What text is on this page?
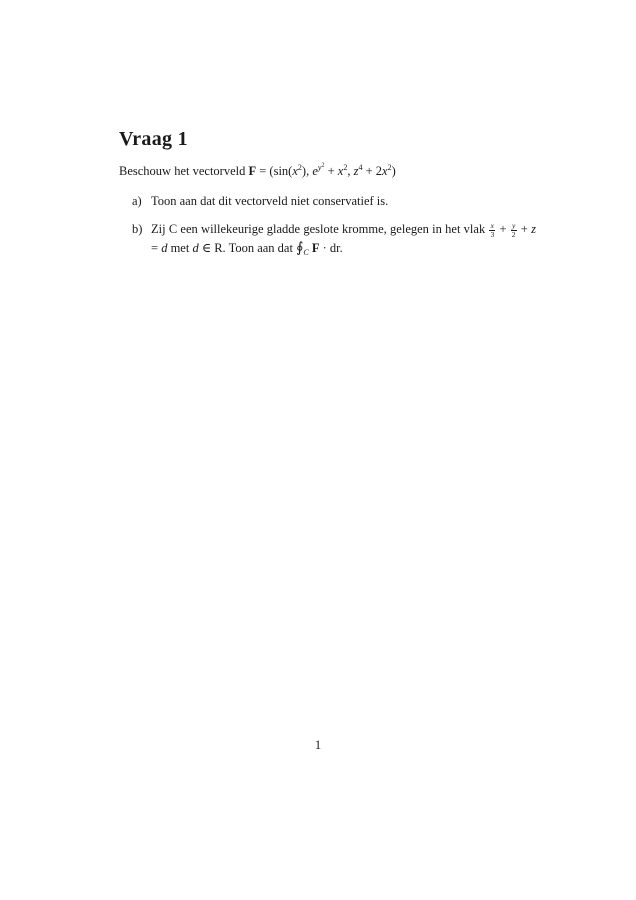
Vraag 1
Beschouw het vectorveld $F = (\sin(x^2)$, $e^{y^2} + x^2$, $z^4 + 2x^2$)
a) Toon aan dat dit vectorveld niet conservatief is.
b) Zij C een willekeurige gladde geslote kromme, gelegen in het vlak $\frac{x}{3} + \frac{y}{2} + z = d$ met d ∈ R. Toon aan dat $∮_C$ F · dr.
1
